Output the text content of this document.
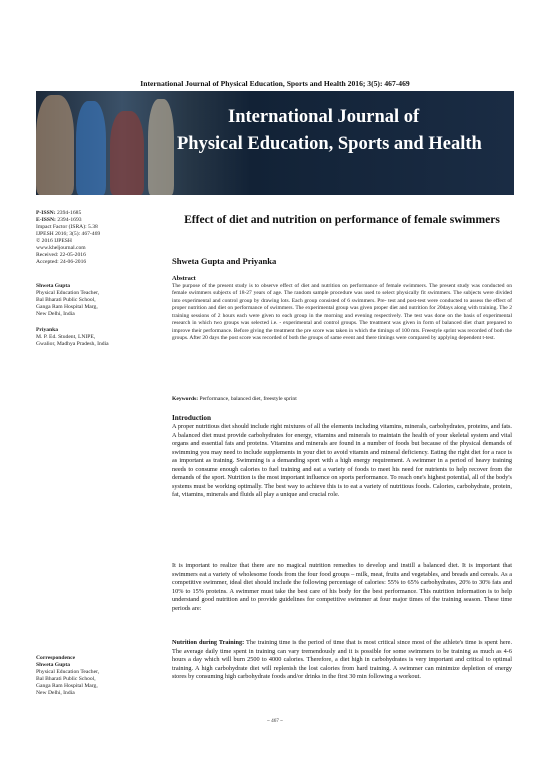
International Journal of Physical Education, Sports and Health 2016; 3(5): 467-469
International Journal of
Physical Education, Sports and Health
P-ISSN: 2394-1685
E-ISSN: 2394-1693
Impact Factor (ISRA): 5.38
IJPESH 2016; 3(5): 467-469
© 2016 IJPESH
www.kheljournal.com
Received: 22-05-2016
Accepted: 24-06-2016
Shweta Gupta
Physical Education Teacher,
Bal Bharati Public School,
Ganga Ram Hospital Marg,
New Delhi, India
Priyanka
M. P. Ed. Student, LNIPE,
Gwalior, Madhya Pradesh, India
Correspondence
Shweta Gupta
Physical Education Teacher,
Bal Bharati Public School,
Ganga Ram Hospital Marg,
New Delhi, India
Effect of diet and nutrition on performance of female swimmers
Shweta Gupta and Priyanka
Abstract
The purpose of the present study is to observe effect of diet and nutrition on performance of female swimmers. The present study was conducted on female swimmers subjects of 18-27 years of age. The random sample procedure was used to select physically fit swimmers. The subjects were divided into experimental and control group by drawing lots. Each group consisted of 6 swimmers. Pre- test and post-test were conducted to assess the effect of proper nutrition and diet on performance of swimmers. The experimental group was given proper diet and nutrition for 20days along with training. The 2 training sessions of 2 hours each were given to each group in the morning and evening respectively. The test was done on the basis of experimental research in which two groups was selected i.e. - experimental and control groups. The treatment was given in form of balanced diet chart prepared to improve their performance. Before giving the treatment the pre score was taken in which the timings of 100 mts. Freestyle sprint was recorded of both the groups. After 20 days the post score was recorded of both the groups of same event and there timings were compared by applying dependent t-test.
Keywords: Performance, balanced diet, freestyle sprint
Introduction

A proper nutritious diet should include right mixtures of all the elements including vitamins, minerals, carbohydrates, proteins, and fats. A balanced diet must provide carbohydrates for energy, vitamins and minerals to maintain the health of your skeletal system and vital organs and essential fats and proteins. Vitamins and minerals are found in a number of foods but because of the physical demands of swimming you may need to include supplements in your diet to avoid vitamin and mineral deficiency. Eating the right diet for a race is as important as training. Swimming is a demanding sport with a high energy requirement. A swimmer in a period of heavy training needs to consume enough calories to fuel training and eat a variety of foods to meet his need for nutrients to help recover from the demands of the sport. Nutrition is the most important influence on sports performance. To reach one's highest potential, all of the body's systems must be working optimally. The best way to achieve this is to eat a variety of nutritious foods. Calories, carbohydrate, protein, fat, vitamins, minerals and fluids all play a unique and crucial role.

It is important to realize that there are no magical nutrition remedies to develop and instill a balanced diet. It is important that swimmers eat a variety of wholesome foods from the four food groups – milk, meat, fruits and vegetables, and breads and cereals. As a competitive swimmer, ideal diet should include the following percentage of calories: 55% to 65% carbohydrates, 20% to 30% fats and 10% to 15% proteins. A swimmer must take the best care of his body for the best performance. This nutrition information is to help understand good nutrition and to provide guidelines for competitive swimmer at four major times of the training season. These time periods are:

Nutrition during Training: The training time is the period of time that is most critical since most of the athlete's time is spent here. The average daily time spent in training can vary tremendously and it is possible for some swimmers to be training as much as 4-6 hours a day which will burn 2500 to 4000 calories. Therefore, a diet high in carbohydrates is very important and critical to optimal training. A high carbohydrate diet will replenish the lost calories from hard training. A swimmer can minimize depletion of energy stores by consuming high carbohydrate foods and/or drinks in the first 30 min following a workout.

~ 467 ~
